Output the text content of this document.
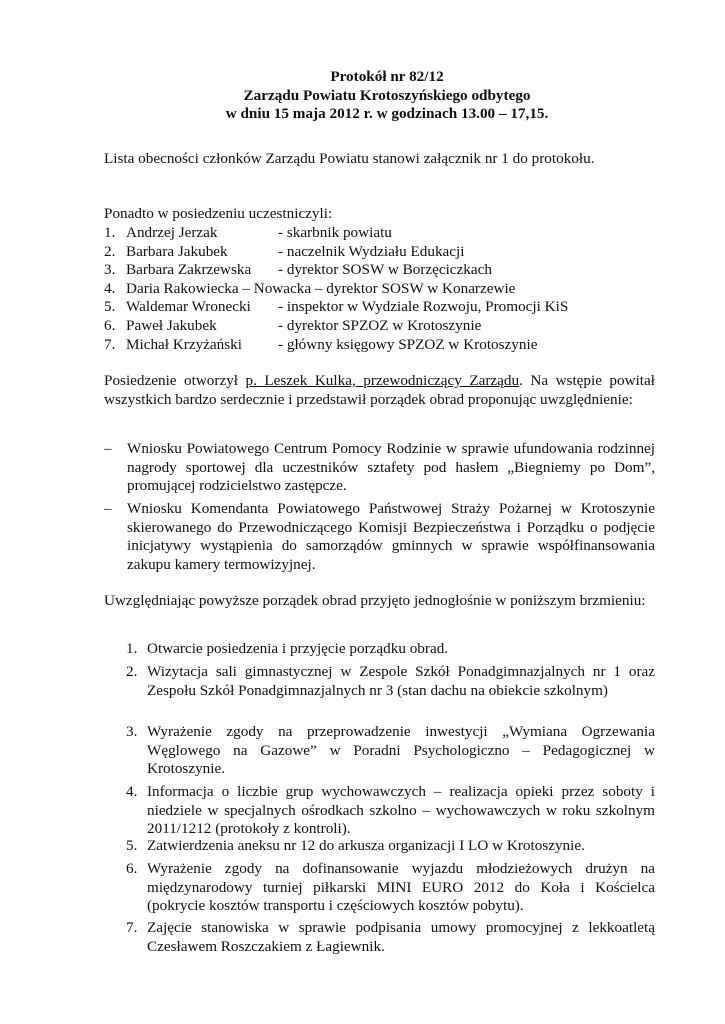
Protokół nr 82/12
Zarządu Powiatu Krotoszyńskiego odbytego
w dniu 15 maja 2012 r. w godzinach 13.00 – 17,15.
Lista obecności członków Zarządu Powiatu stanowi załącznik nr 1 do protokołu.
Ponadto w posiedzeniu uczestniczyli:
1. Andrzej Jerzak	- skarbnik powiatu
2. Barbara Jakubek	- naczelnik Wydziału Edukacji
3. Barbara Zakrzewska - dyrektor SOSW w Borzęciczkach
4. Daria Rakowiecka – Nowacka – dyrektor SOSW w Konarzewie
5. Waldemar Wronecki - inspektor w Wydziale Rozwoju, Promocji KiS
6. Paweł Jakubek	- dyrektor SPZOZ w Krotoszynie
7. Michał Krzyżański - główny księgowy SPZOZ w Krotoszynie
Posiedzenie otworzył p. Leszek Kulka, przewodniczący Zarządu. Na wstępie powitał wszystkich bardzo serdecznie i przedstawił porządek obrad proponując uwzględnienie:
– Wniosku Powiatowego Centrum Pomocy Rodzinie w sprawie ufundowania rodzinnej nagrody sportowej dla uczestników sztafety pod hasłem „Biegniemy po Dom”, promującej rodzicielstwo zastępcze.
– Wniosku Komendanta Powiatowego Państwowej Straży Pożarnej w Krotoszynie skierowanego do Przewodniczącego Komisji Bezpieczeństwa i Porządku o podjęcie inicjatywy wystąpienia do samorządów gminnych w sprawie współfinansowania zakupu kamery termowizyjnej.
Uwzględniając powyższe porządek obrad przyjęto jednogłośnie w poniższym brzmieniu:
1. Otwarcie posiedzenia i przyjęcie porządku obrad.
2. Wizytacja sali gimnastycznej w Zespole Szkół Ponadgimnazjalnych nr 1 oraz Zespołu Szkół Ponadgimnazjalnych nr 3 (stan dachu na obiekcie szkolnym)
3. Wyrażenie zgody na przeprowadzenie inwestycji „Wymiana Ogrzewania Węglowego na Gazowe” w Poradni Psychologiczno – Pedagogicznej w Krotoszynie.
4. Informacja o liczbie grup wychowawczych – realizacja opieki przez soboty i niedziele w specjalnych ośrodkach szkolno – wychowawczych w roku szkolnym 2011/1212 (protokoły z kontroli).
5. Zatwierdzenia aneksu nr 12 do arkusza organizacji I LO w Krotoszynie.
6. Wyrażenie zgody na dofinansowanie wyjazdu młodzieżowych drużyn na międzynarodowy turniej piłkarski MINI EURO 2012 do Koła i Kościelca (pokrycie kosztów transportu i częściowych kosztów pobytu).
7. Zajęcie stanowiska w sprawie podpisania umowy promocyjnej z lekkoatletą Czesławem Roszczakiem z Łagiewnik.
